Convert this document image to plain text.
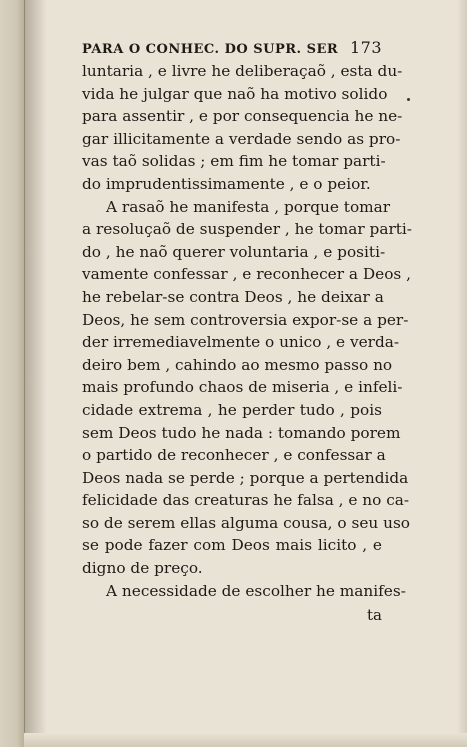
PARA O CONHEC. DO SUPR. SER 173
luntaria , e livre he deliberaçaõ , esta du-
vida he julgar que naõ ha motivo solido
para assentir , e por consequencia he ne-
gar illicitamente a verdade sendo as pro-
vas taõ solidas ; em fim he tomar parti-
do imprudentissimamente , e o peior.
A rasaõ he manifesta , porque tomar
a resoluçaõ de suspender , he tomar parti-
do , he naõ querer voluntaria , e positi-
vamente confessar , e reconhecer a Deos ,
he rebelar-se contra Deos , he deixar a
Deos, he sem controversia expor-se a per-
der irremediavelmente o unico , e verda-
deiro bem , cahindo ao mesmo passo no
mais profundo chaos de miseria , e infeli-
cidade extrema , he perder tudo , pois
sem Deos tudo he nada : tomando porem
o partido de reconhecer , e confessar a
Deos nada se perde ; porque a pertendida
felicidade das creaturas he falsa , e no ca-
so de serem ellas alguma cousa, o seu uso
se pode fazer com Deos mais licito , e
digno de preço.
A necessidade de escolher he manifes-
ta
